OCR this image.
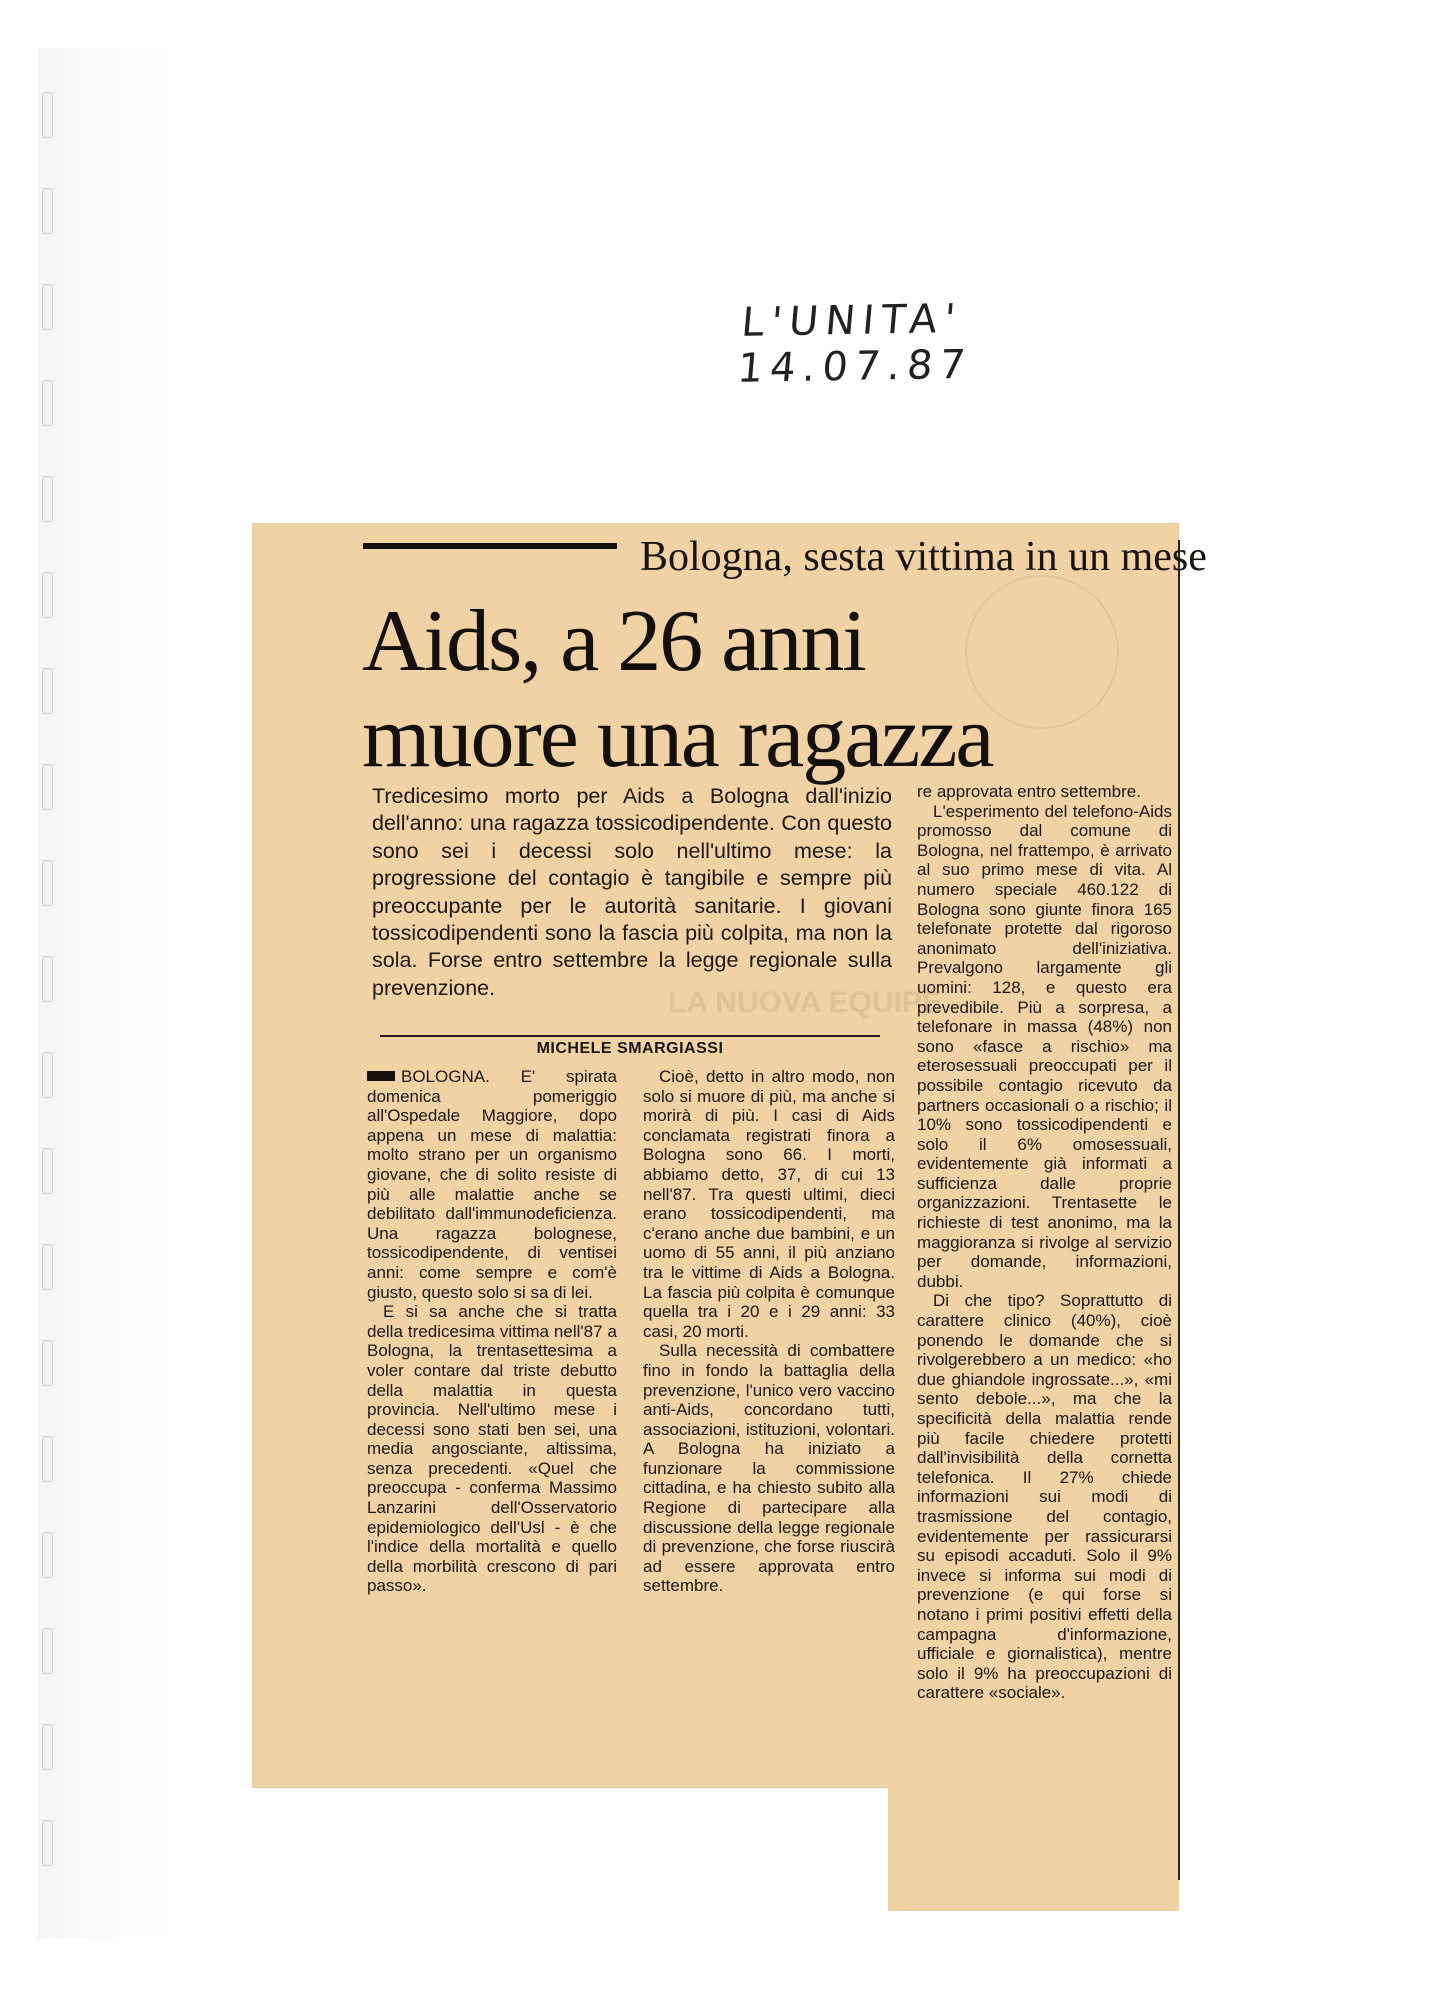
L'UNITA' 14.07.87
LA NUOVA EQUIPE
Bologna, sesta vittima in un mese
Aids, a 26 anni
muore una ragazza

Tredicesimo morto per Aids a Bologna dall'inizio dell'anno: una ragazza tossicodipendente. Con questo sono sei i decessi solo nell'ultimo mese: la progressione del contagio è tangibile e sempre più preoccupante per le autorità sanitarie. I giovani tossicodipendenti sono la fascia più colpita, ma non la sola. Forse entro settembre la legge regionale sulla prevenzione.

MICHELE SMARGIASSI

BOLOGNA. E' spirata domenica pomeriggio all'Ospedale Maggiore, dopo appena un mese di malattia: molto strano per un organismo giovane, che di solito resiste di più alle malattie anche se debilitato dall'immunodeficienza. Una ragazza bolognese, tossicodipendente, di ventisei anni: come sempre e com'è giusto, questo solo si sa di lei.

E si sa anche che si tratta della tredicesima vittima nell'87 a Bologna, la trentasettesima a voler contare dal triste debutto della malattia in questa provincia. Nell'ultimo mese i decessi sono stati ben sei, una media angosciante, altissima, senza precedenti. «Quel che preoccupa - conferma Massimo Lanzarini dell'Osservatorio epidemiologico dell'Usl - è che l'indice della mortalità e quello della morbilità crescono di pari passo».

Cioè, detto in altro modo, non solo si muore di più, ma anche si morirà di più. I casi di Aids conclamata registrati finora a Bologna sono 66. I morti, abbiamo detto, 37, di cui 13 nell'87. Tra questi ultimi, dieci erano tossicodipendenti, ma c'erano anche due bambini, e un uomo di 55 anni, il più anziano tra le vittime di Aids a Bologna. La fascia più colpita è comunque quella tra i 20 e i 29 anni: 33 casi, 20 morti.

Sulla necessità di combattere fino in fondo la battaglia della prevenzione, l'unico vero vaccino anti-Aids, concordano tutti, associazioni, istituzioni, volontari. A Bologna ha iniziato a funzionare la commissione cittadina, e ha chiesto subito alla Regione di partecipare alla discussione della legge regionale di prevenzione, che forse riuscirà ad essere approvata entro settembre.

re approvata entro settembre.

L'esperimento del telefono-Aids promosso dal comune di Bologna, nel frattempo, è arrivato al suo primo mese di vita. Al numero speciale 460.122 di Bologna sono giunte finora 165 telefonate protette dal rigoroso anonimato dell'iniziativa. Prevalgono largamente gli uomini: 128, e questo era prevedibile. Più a sorpresa, a telefonare in massa (48%) non sono «fasce a rischio» ma eterosessuali preoccupati per il possibile contagio ricevuto da partners occasionali o a rischio; il 10% sono tossicodipendenti e solo il 6% omosessuali, evidentemente già informati a sufficienza dalle proprie organizzazioni. Trentasette le richieste di test anonimo, ma la maggioranza si rivolge al servizio per domande, informazioni, dubbi.

Di che tipo? Soprattutto di carattere clinico (40%), cioè ponendo le domande che si rivolgerebbero a un medico: «ho due ghiandole ingrossate...», «mi sento debole...», ma che la specificità della malattia rende più facile chiedere protetti dall'invisibilità della cornetta telefonica. Il 27% chiede informazioni sui modi di trasmissione del contagio, evidentemente per rassicurarsi su episodi accaduti. Solo il 9% invece si informa sui modi di prevenzione (e qui forse si notano i primi positivi effetti della campagna d'informazione, ufficiale e giornalistica), mentre solo il 9% ha preoccupazioni di carattere «sociale».
